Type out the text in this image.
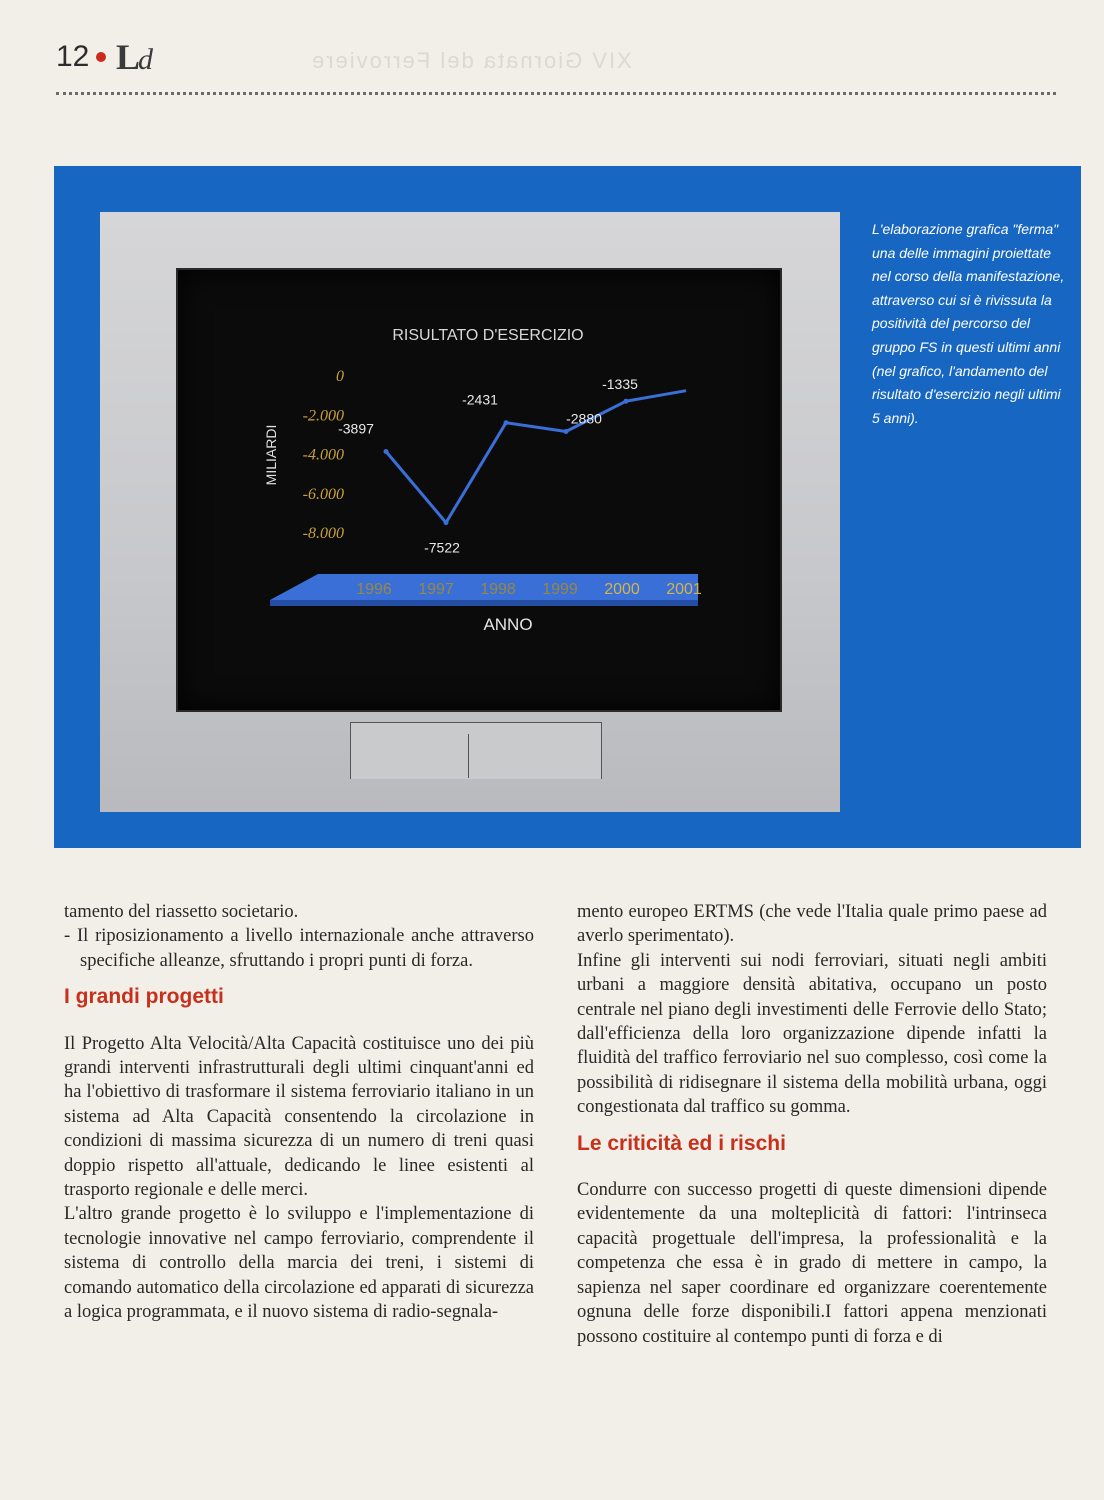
12 Ld	XIV Giornata del Ferroviere
RISULTATO D'ESERCIZIO
MILIARDI
0
-2.000
-4.000
-6.000
-8.000
1996 1997 1998 1999 2000 2001
ANNO
-3897
-7522
-2431
-2880
-1335
L'elaborazione grafica "ferma" una delle immagini proiettate nel corso della manifestazione, attraverso cui si è rivissuta la positività del percorso del gruppo FS in questi ultimi anni (nel grafico, l'andamento del risultato d'esercizio negli ultimi 5 anni).

tamento del riassetto societario.

- Il riposizionamento a livello internazionale anche attraverso specifiche alleanze, sfruttando i propri punti di forza.

I grandi progetti

Il Progetto Alta Velocità/Alta Capacità costituisce uno dei più grandi interventi infrastrutturali degli ultimi cinquant'anni ed ha l'obiettivo di trasformare il sistema ferroviario italiano in un sistema ad Alta Capacità consentendo la circolazione in condizioni di massima sicurezza di un numero di treni quasi doppio rispetto all'attuale, dedicando le linee esistenti al trasporto regionale e delle merci.

L'altro grande progetto è lo sviluppo e l'implementazione di tecnologie innovative nel campo ferroviario, comprendente il sistema di controllo della marcia dei treni, i sistemi di comando automatico della circolazione ed apparati di sicurezza a logica programmata, e il nuovo sistema di radio-segnala-

mento europeo ERTMS (che vede l'Italia quale primo paese ad averlo sperimentato).

Infine gli interventi sui nodi ferroviari, situati negli ambiti urbani a maggiore densità abitativa, occupano un posto centrale nel piano degli investimenti delle Ferrovie dello Stato; dall'efficienza della loro organizzazione dipende infatti la fluidità del traffico ferroviario nel suo complesso, così come la possibilità di ridisegnare il sistema della mobilità urbana, oggi congestionata dal traffico su gomma.

Le criticità ed i rischi

Condurre con successo progetti di queste dimensioni dipende evidentemente da una molteplicità di fattori: l'intrinseca capacità progettuale dell'impresa, la professionalità e la competenza che essa è in grado di mettere in campo, la sapienza nel saper coordinare ed organizzare coerentemente ognuna delle forze disponibili.I fattori appena menzionati possono costituire al contempo punti di forza e di
